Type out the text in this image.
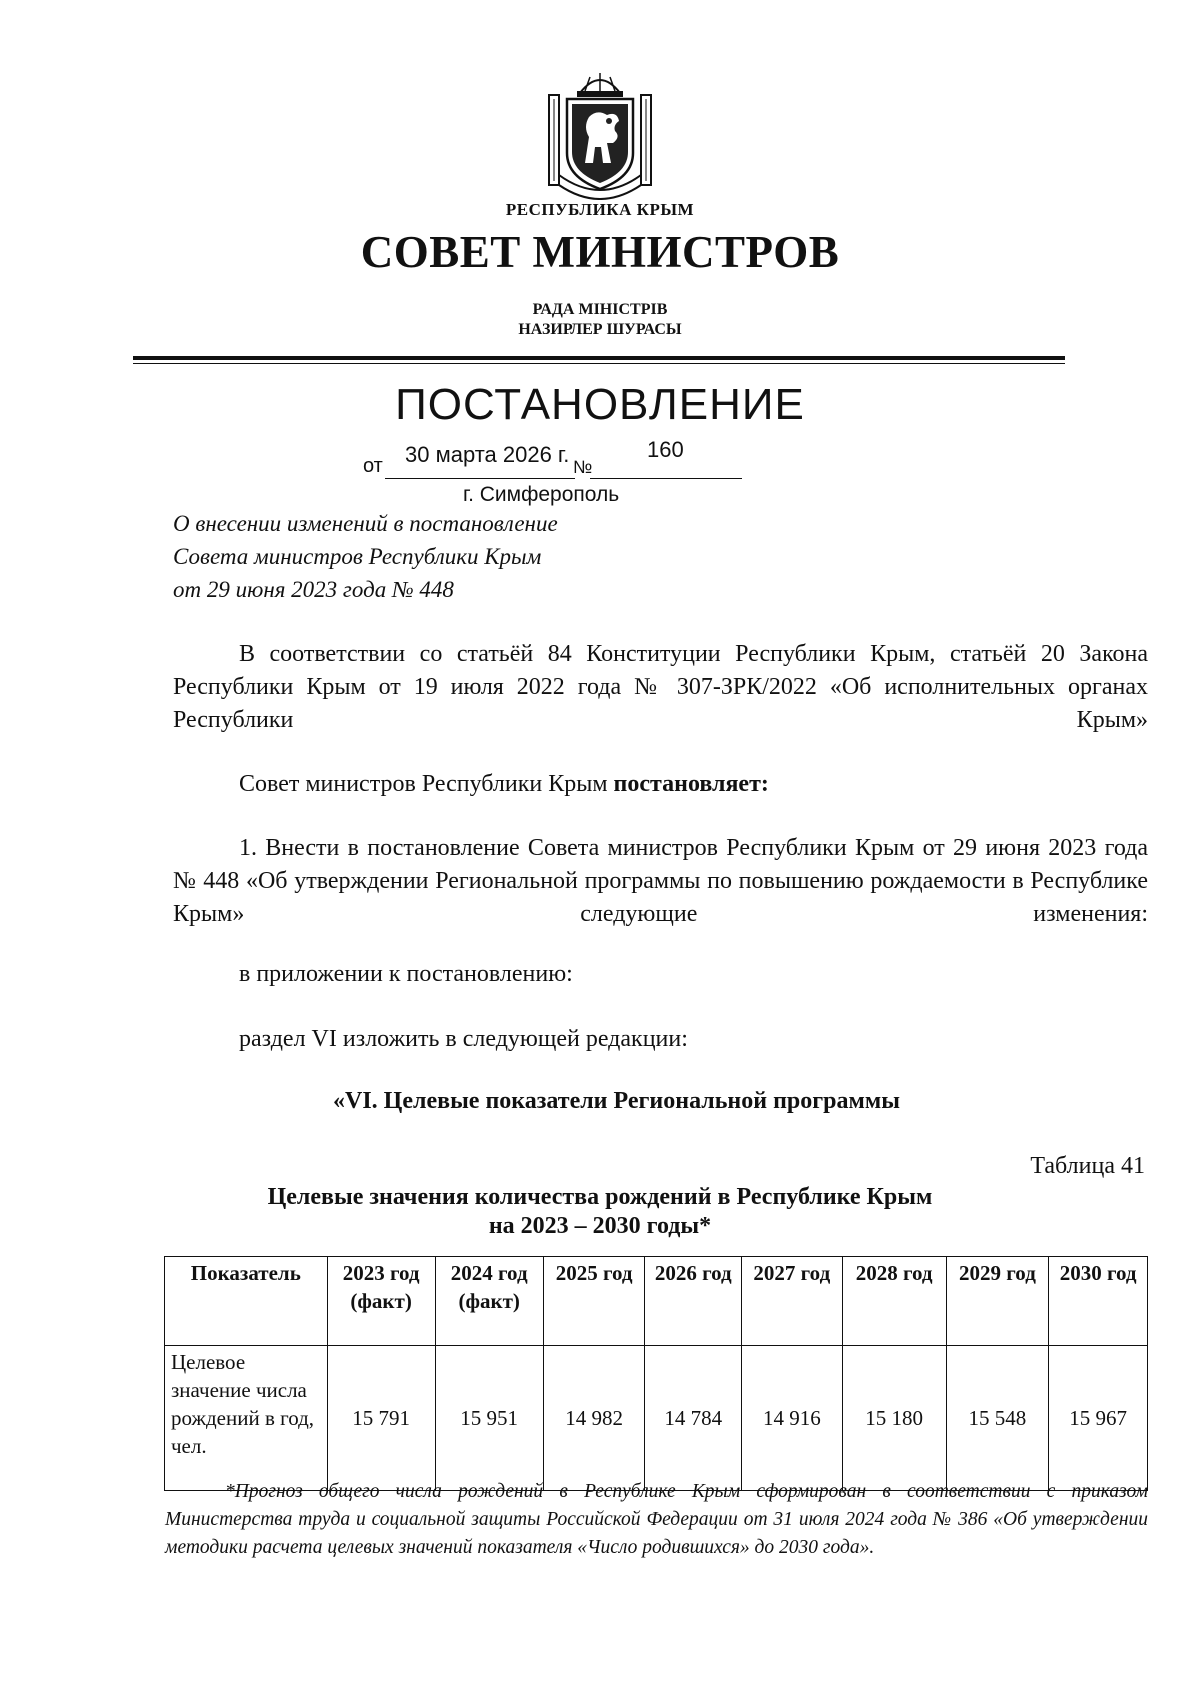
РЕСПУБЛИКА КРЫМ
СОВЕТ МИНИСТРОВ
РАДА МІНІСТРІВ
НАЗИРЛЕР ШУРАСЫ
ПОСТАНОВЛЕНИЕ
от 30 марта 2026 г. №
160
г. Симферополь
О внесении изменений в постановление
Совета министров Республики Крым
от 29 июня 2023 года № 448
В соответствии со статьёй 84 Конституции Республики Крым, статьёй 20 Закона Республики Крым от 19 июля 2022 года № 307-ЗРК/2022 «Об исполнительных органах Республики Крым»
Совет министров Республики Крым постановляет:
1. Внести в постановление Совета министров Республики Крым от 29 июня 2023 года № 448 «Об утверждении Региональной программы по повышению рождаемости в Республике Крым» следующие изменения:
в приложении к постановлению:
раздел VI изложить в следующей редакции:
«VI. Целевые показатели Региональной программы
Таблица 41
Целевые значения количества рождений в Республике Крым
на 2023 – 2030 годы*
Показатель	2023 год (факт)	2024 год (факт)	2025 год	2026 год	2027 год	2028 год	2029 год	2030 год
Целевое значение числа рождений в год, чел.	15 791	15 951	14 982	14 784	14 916	15 180	15 548	15 967
*Прогноз общего числа рождений в Республике Крым сформирован в соответствии с приказом Министерства труда и социальной защиты Российской Федерации от 31 июля 2024 года № 386 «Об утверждении методики расчета целевых значений показателя «Число родившихся» до 2030 года».
